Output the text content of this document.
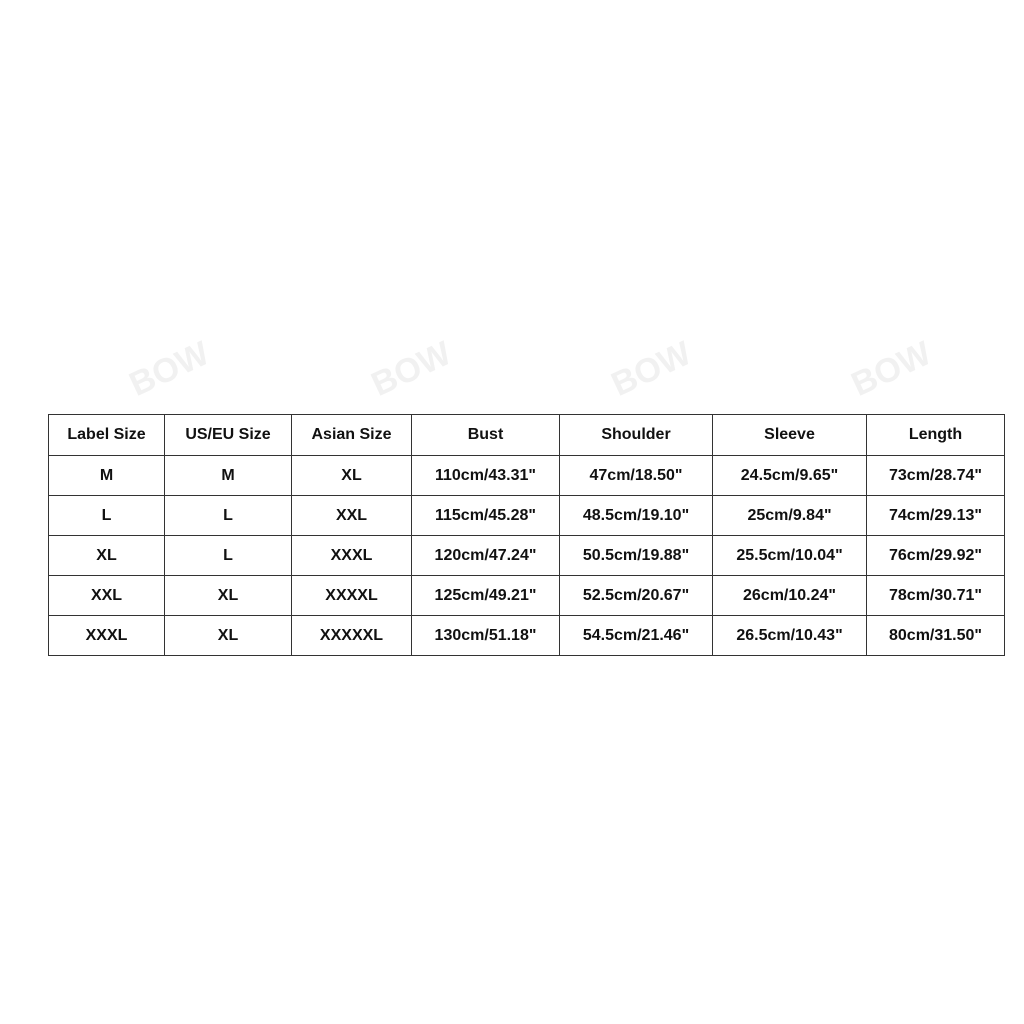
BOW	BOW	BOW	BOW
Label Size	US/EU Size	Asian Size	Bust	Shoulder	Sleeve	Length
M	M	XL	110cm/43.31"	47cm/18.50"	24.5cm/9.65"	73cm/28.74"
L	L	XXL	115cm/45.28"	48.5cm/19.10"	25cm/9.84"	74cm/29.13"
XL	L	XXXL	120cm/47.24"	50.5cm/19.88"	25.5cm/10.04"	76cm/29.92"
XXL	XL	XXXXL	125cm/49.21"	52.5cm/20.67"	26cm/10.24"	78cm/30.71"
XXXL	XL	XXXXXL	130cm/51.18"	54.5cm/21.46"	26.5cm/10.43"	80cm/31.50"
